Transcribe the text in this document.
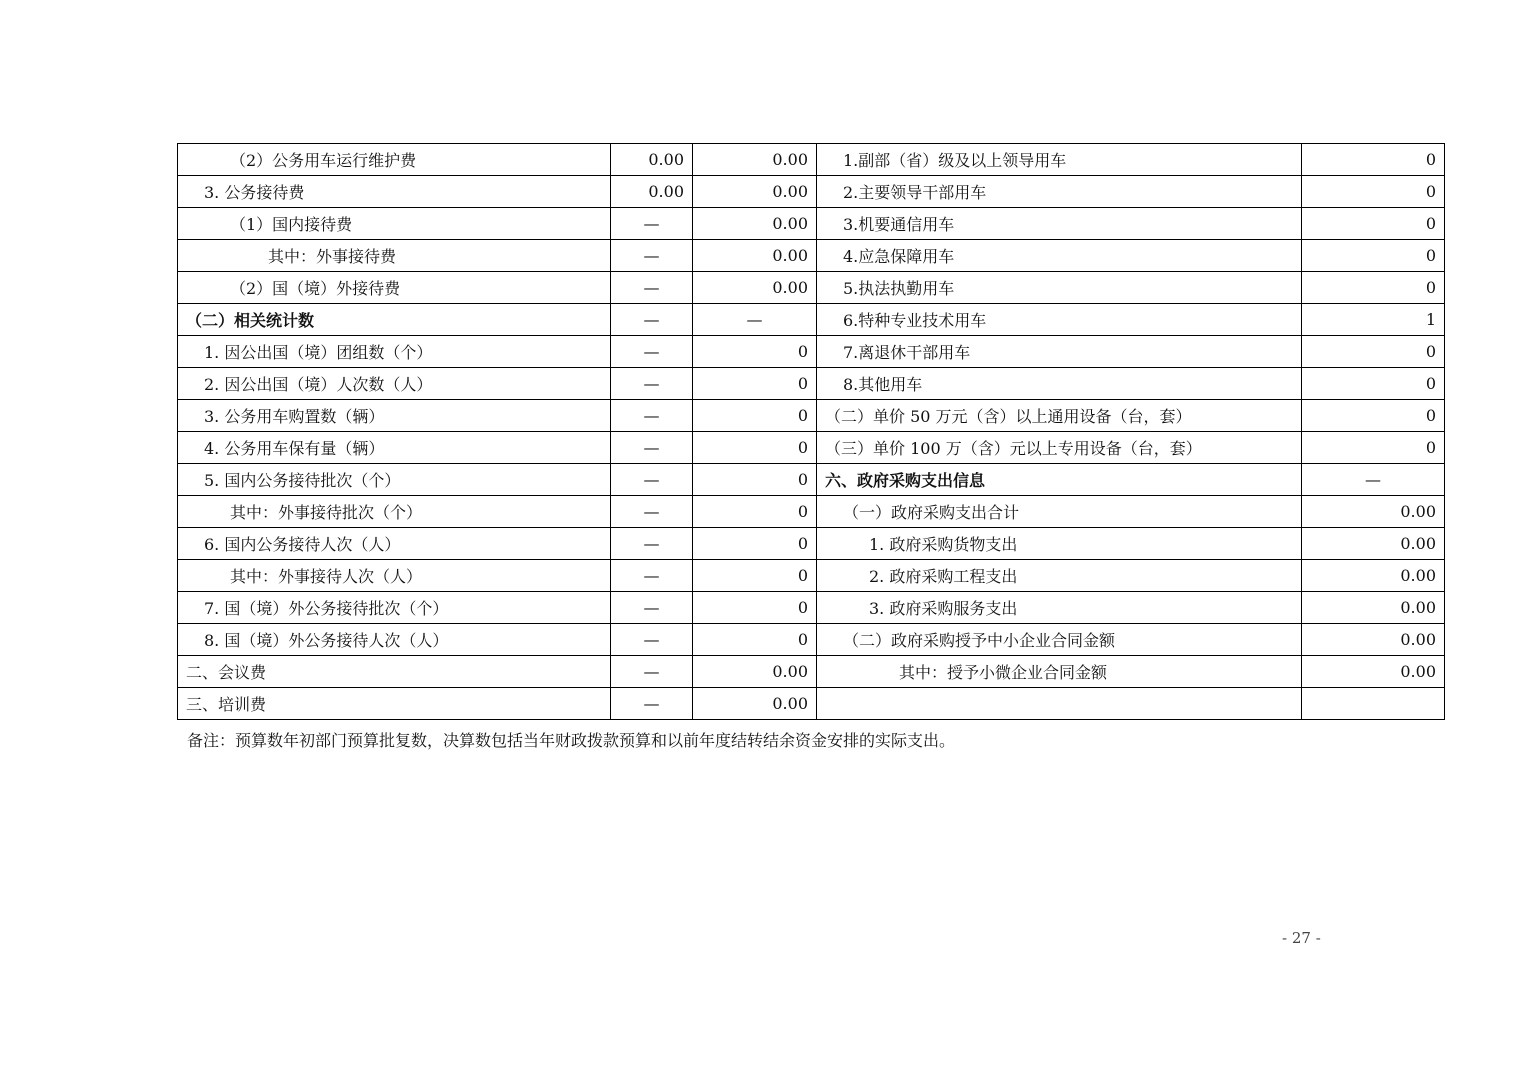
（2）公务用车运行维护费	0.00	0.00	1.副部（省）级及以上领导用车	0
3. 公务接待费	0.00	0.00	2.主要领导干部用车	0
（1）国内接待费	—	0.00	3.机要通信用车	0
其中：外事接待费	—	0.00	4.应急保障用车	0
（2）国（境）外接待费	—	0.00	5.执法执勤用车	0
（二）相关统计数	—	—	6.特种专业技术用车	1
1. 因公出国（境）团组数（个）	—	0	7.离退休干部用车	0
2. 因公出国（境）人次数（人）	—	0	8.其他用车	0
3. 公务用车购置数（辆）	—	0	（二）单价 50 万元（含）以上通用设备（台，套）	0
4. 公务用车保有量（辆）	—	0	（三）单价 100 万（含）元以上专用设备（台，套）	0
5. 国内公务接待批次（个）	—	0	六、政府采购支出信息	—
其中：外事接待批次（个）	—	0	（一）政府采购支出合计	0.00
6. 国内公务接待人次（人）	—	0	1. 政府采购货物支出	0.00
其中：外事接待人次（人）	—	0	2. 政府采购工程支出	0.00
7. 国（境）外公务接待批次（个）	—	0	3. 政府采购服务支出	0.00
8. 国（境）外公务接待人次（人）	—	0	（二）政府采购授予中小企业合同金额	0.00
二、会议费	—	0.00	其中：授予小微企业合同金额	0.00
三、培训费	—	0.00		
备注：预算数年初部门预算批复数，决算数包括当年财政拨款预算和以前年度结转结余资金安排的实际支出。
- 27 -
